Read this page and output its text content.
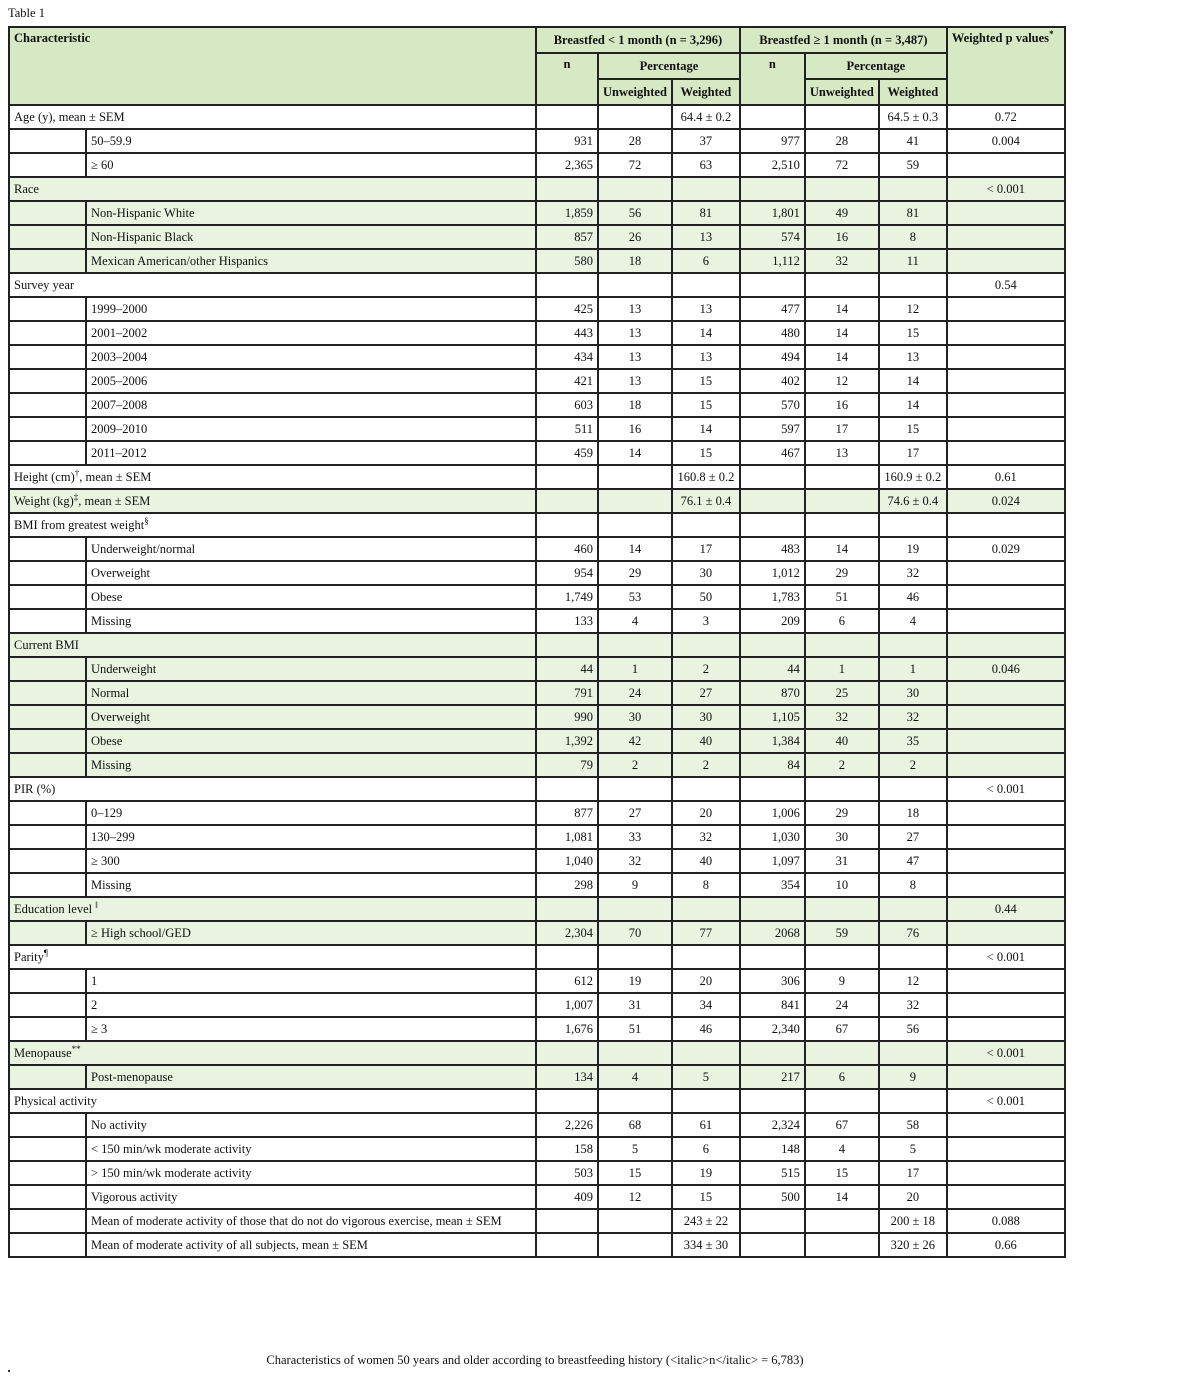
Table 1
Characteristic		Breastfed < 1 month (n = 3,296)			Breastfed ≥ 1 month (n = 3,487)			Weighted p values*
		n	Percentage		n	Percentage		
			Unweighted	Weighted		Unweighted	Weighted	
Age (y), mean ± SEM				64.4 ± 0.2			64.5 ± 0.3	0.72
	50–59.9	931	28	37	977	28	41	0.004
	≥ 60	2,365	72	63	2,510	72	59	
Race								< 0.001
	Non-Hispanic White	1,859	56	81	1,801	49	81	
	Non-Hispanic Black	857	26	13	574	16	8	
	Mexican American/other Hispanics	580	18	6	1,112	32	11	
Survey year								0.54
	1999–2000	425	13	13	477	14	12	
	2001–2002	443	13	14	480	14	15	
	2003–2004	434	13	13	494	14	13	
	2005–2006	421	13	15	402	12	14	
	2007–2008	603	18	15	570	16	14	
	2009–2010	511	16	14	597	17	15	
	2011–2012	459	14	15	467	13	17	
Height (cm)†, mean ± SEM				160.8 ± 0.2			160.9 ± 0.2	0.61
Weight (kg)‡, mean ± SEM				76.1 ± 0.4			74.6 ± 0.4	0.024
BMI from greatest weight§							
	Underweight/normal	460	14	17	483	14	19	0.029
	Overweight	954	29	30	1,012	29	32	
	Obese	1,749	53	50	1,783	51	46	
	Missing	133	4	3	209	6	4	
Current BMI								
	Underweight	44	1	2	44	1	1	0.046
	Normal	791	24	27	870	25	30	
	Overweight	990	30	30	1,105	32	32	
	Obese	1,392	42	40	1,384	40	35	
	Missing	79	2	2	84	2	2	
PIR (%)								< 0.001
	0–129	877	27	20	1,006	29	18	
	130–299	1,081	33	32	1,030	30	27	
	≥ 300	1,040	32	40	1,097	31	47	
	Missing	298	9	8	354	10	8	
Education level ‖								0.44
	≥ High school/GED	2,304	70	77	2068	59	76	
Parity¶								< 0.001
	1	612	19	20	306	9	12	
	2	1,007	31	34	841	24	32	
	≥ 3	1,676	51	46	2,340	67	56	
Menopause**								< 0.001
	Post-menopause	134	4	5	217	6	9	
Physical activity								< 0.001
	No activity	2,226	68	61	2,324	67	58	
	< 150 min/wk moderate activity	158	5	6	148	4	5	
	> 150 min/wk moderate activity	503	15	19	515	15	17	
	Vigorous activity	409	12	15	500	14	20	
	Mean of moderate activity of those that do not do vigorous exercise, mean ± SEM			243 ± 22			200 ± 18	0.088
	Mean of moderate activity of all subjects, mean ± SEM			334 ± 30			320 ± 26	0.66
Characteristics of women 50 years and older according to breastfeeding history (<italic>n</italic> = 6,783)
